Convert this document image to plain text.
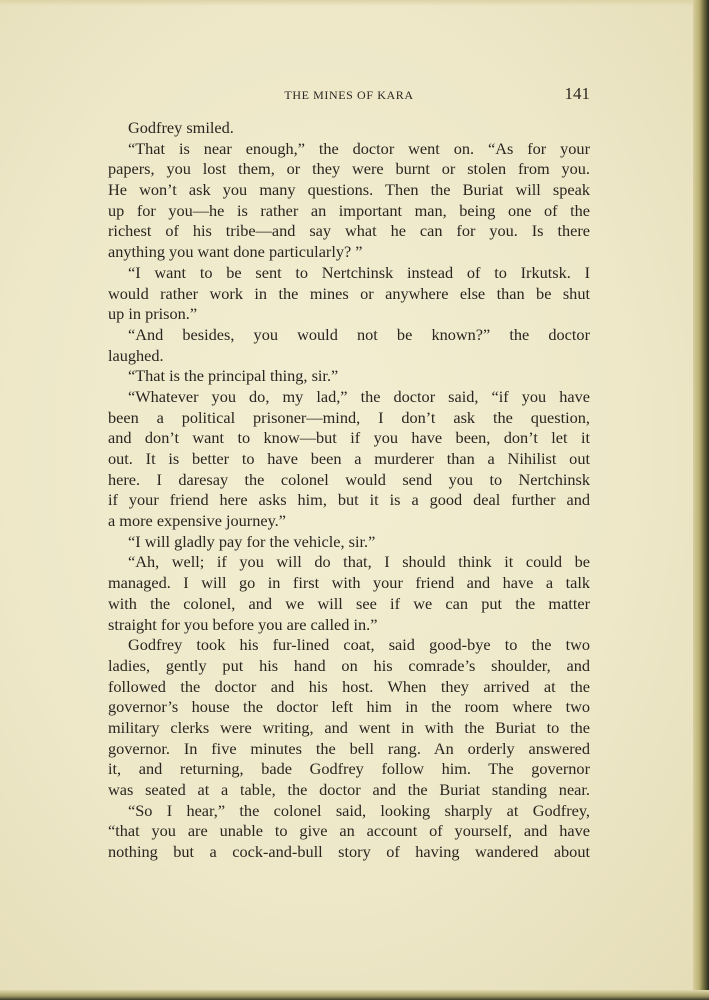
THE MINES OF KARA	141
Godfrey smiled.
“That is near enough,” the doctor went on. “As for your
papers, you lost them, or they were burnt or stolen from you.
He won’t ask you many questions. Then the Buriat will speak
up for you—he is rather an important man, being one of the
richest of his tribe—and say what he can for you. Is there
anything you want done particularly? ”
“I want to be sent to Nertchinsk instead of to Irkutsk. I
would rather work in the mines or anywhere else than be shut
up in prison.”
“And besides, you would not be known?” the doctor
laughed.
“That is the principal thing, sir.”
“Whatever you do, my lad,” the doctor said, “if you have
been a political prisoner—mind, I don’t ask the question,
and don’t want to know—but if you have been, don’t let it
out. It is better to have been a murderer than a Nihilist out
here. I daresay the colonel would send you to Nertchinsk
if your friend here asks him, but it is a good deal further and
a more expensive journey.”
“I will gladly pay for the vehicle, sir.”
“Ah, well; if you will do that, I should think it could be
managed. I will go in first with your friend and have a talk
with the colonel, and we will see if we can put the matter
straight for you before you are called in.”
Godfrey took his fur-lined coat, said good-bye to the two
ladies, gently put his hand on his comrade’s shoulder, and
followed the doctor and his host. When they arrived at the
governor’s house the doctor left him in the room where two
military clerks were writing, and went in with the Buriat to the
governor. In five minutes the bell rang. An orderly answered
it, and returning, bade Godfrey follow him. The governor
was seated at a table, the doctor and the Buriat standing near.
“So I hear,” the colonel said, looking sharply at Godfrey,
“that you are unable to give an account of yourself, and have
nothing but a cock-and-bull story of having wandered about
